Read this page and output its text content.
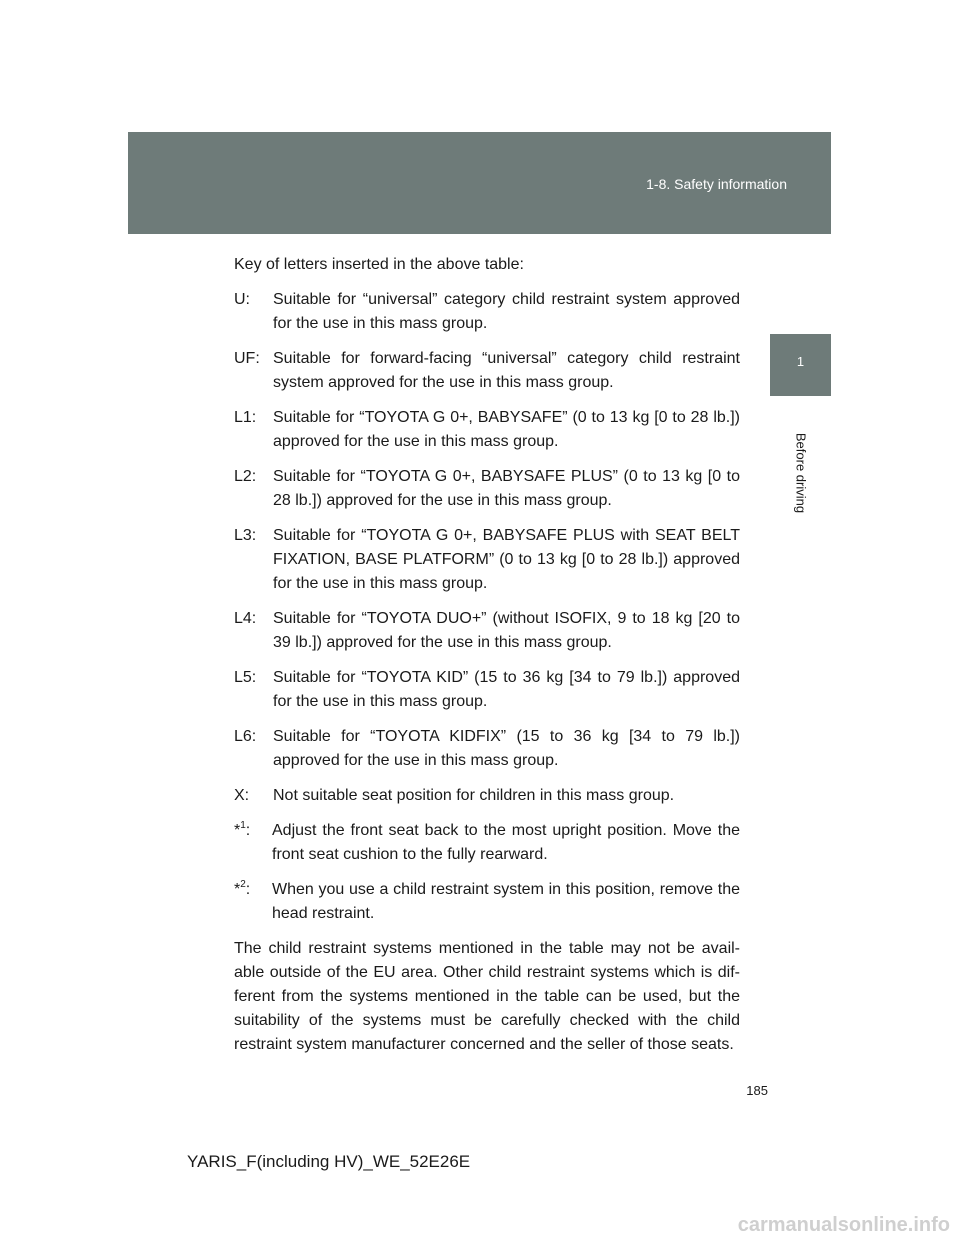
1-8. Safety information
1
Before driving

Key of letters inserted in the above table:

U:	Suitable for “universal” category child restraint system approved for the use in this mass group.
UF: Suitable for forward-facing “universal” category child restraint system approved for the use in this mass group.
L1:	Suitable for “TOYOTA G 0+, BABYSAFE” (0 to 13 kg [0 to 28 lb.]) approved for the use in this mass group.
L2:	Suitable for “TOYOTA G 0+, BABYSAFE PLUS” (0 to 13 kg [0 to 28 lb.]) approved for the use in this mass group.
L3:	Suitable for “TOYOTA G 0+, BABYSAFE PLUS with SEAT BELT FIXATION, BASE PLATFORM” (0 to 13 kg [0 to 28 lb.]) approved for the use in this mass group.
L4:	Suitable for “TOYOTA DUO+” (without ISOFIX, 9 to 18 kg [20 to 39 lb.]) approved for the use in this mass group.
L5:	Suitable for “TOYOTA KID” (15 to 36 kg [34 to 79 lb.]) approved for the use in this mass group.
L6:	Suitable for “TOYOTA KIDFIX” (15 to 36 kg [34 to 79 lb.]) approved for the use in this mass group.
X:	Not suitable seat position for children in this mass group.
*$^1$:	Adjust the front seat back to the most upright position. Move the front seat cushion to the fully rearward.
*$^2$:	When you use a child restraint system in this position, remove the head restraint.

The child restraint systems mentioned in the table may not be avail-able outside of the EU area. Other child restraint systems which is dif-ferent from the systems mentioned in the table can be used, but the suitability of the systems must be carefully checked with the child restraint system manufacturer concerned and the seller of those seats.

185
YARIS_F(including HV)_WE_52E26E
carmanualsonline.info
